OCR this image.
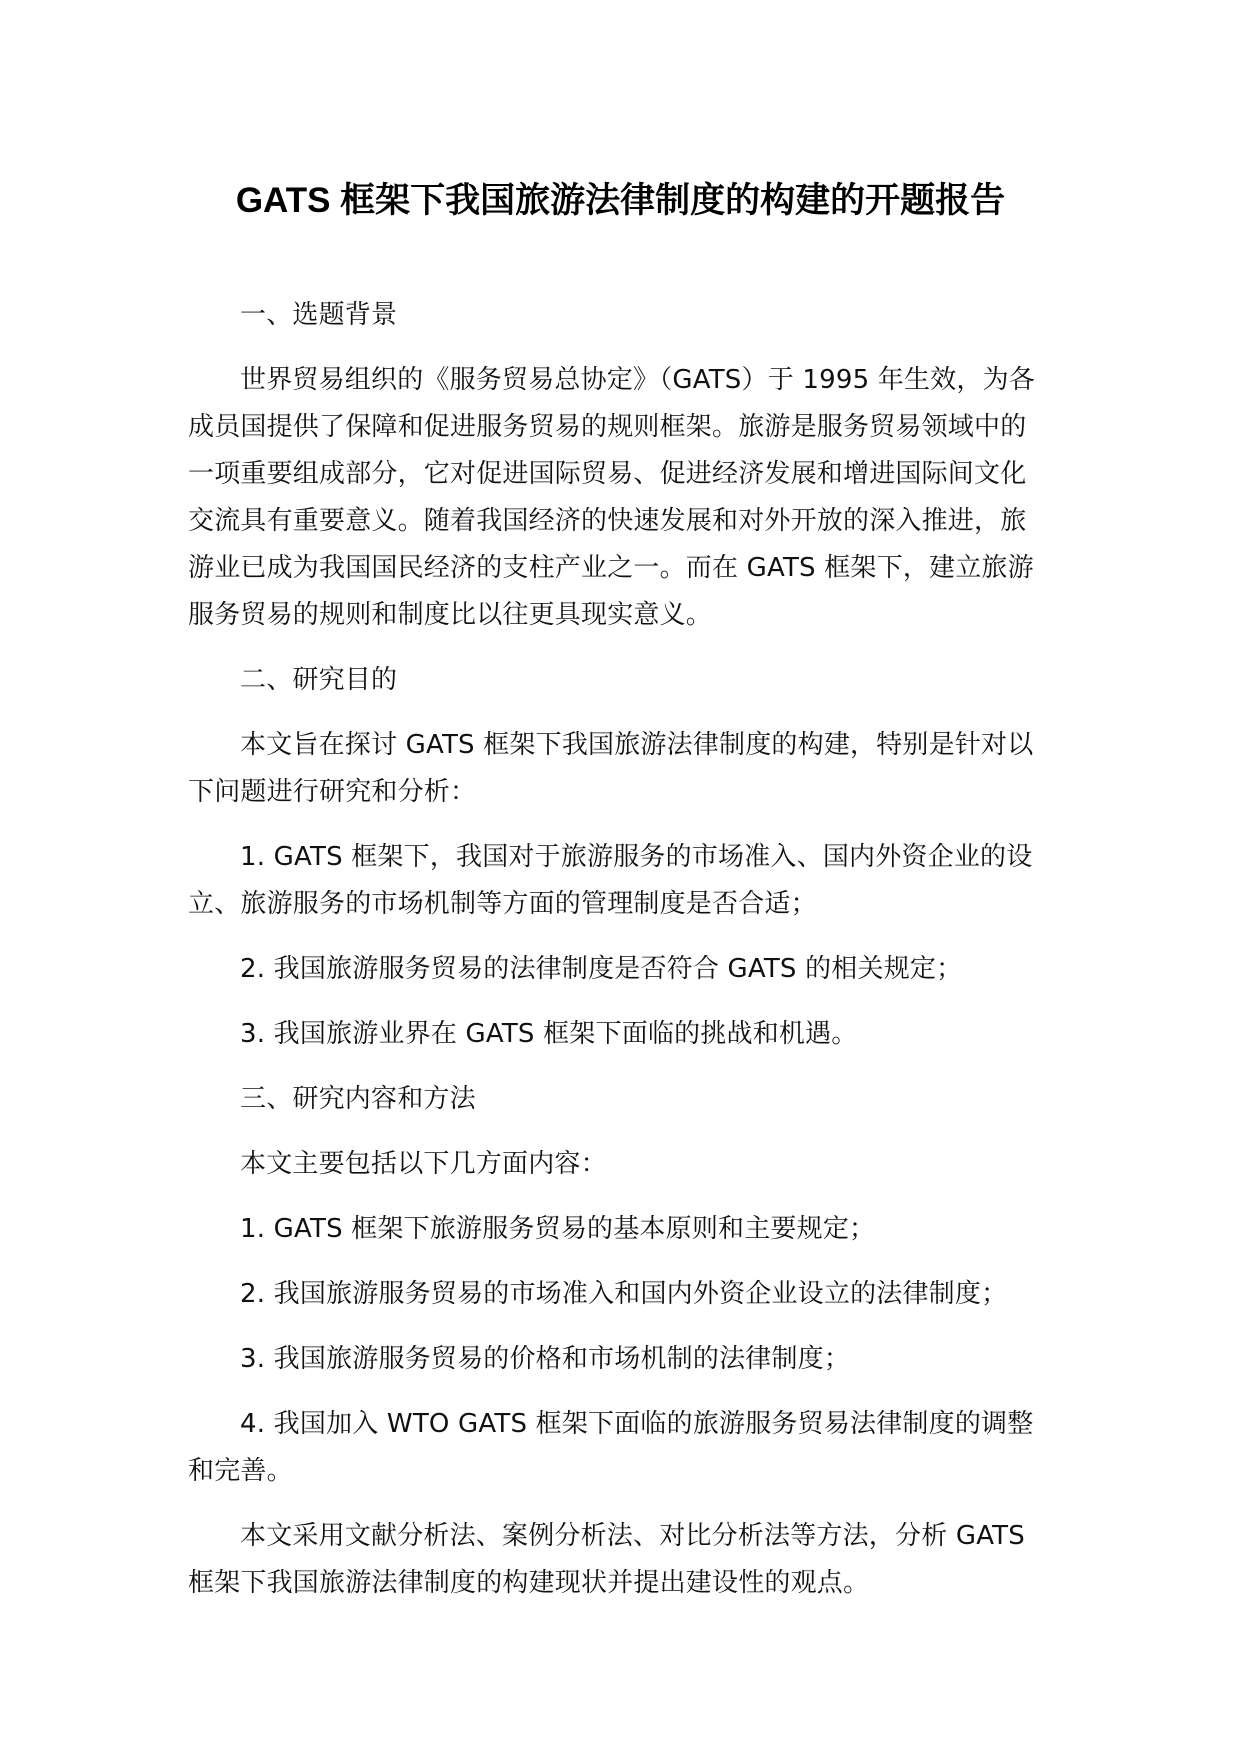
GATS 框架下我国旅游法律制度的构建的开题报告

一、选题背景

世界贸易组织的《服务贸易总协定》（GATS）于 1995 年生效，为各成员国提供了保障和促进服务贸易的规则框架。旅游是服务贸易领域中的一项重要组成部分，它对促进国际贸易、促进经济发展和增进国际间文化交流具有重要意义。随着我国经济的快速发展和对外开放的深入推进，旅游业已成为我国国民经济的支柱产业之一。而在 GATS 框架下，建立旅游服务贸易的规则和制度比以往更具现实意义。

二、研究目的

本文旨在探讨 GATS 框架下我国旅游法律制度的构建，特别是针对以下问题进行研究和分析：

1. GATS 框架下，我国对于旅游服务的市场准入、国内外资企业的设立、旅游服务的市场机制等方面的管理制度是否合适；

2. 我国旅游服务贸易的法律制度是否符合 GATS 的相关规定；

3. 我国旅游业界在 GATS 框架下面临的挑战和机遇。

三、研究内容和方法

本文主要包括以下几方面内容：

1. GATS 框架下旅游服务贸易的基本原则和主要规定；

2. 我国旅游服务贸易的市场准入和国内外资企业设立的法律制度；

3. 我国旅游服务贸易的价格和市场机制的法律制度；

4. 我国加入 WTO GATS 框架下面临的旅游服务贸易法律制度的调整和完善。

本文采用文献分析法、案例分析法、对比分析法等方法，分析 GATS 框架下我国旅游法律制度的构建现状并提出建设性的观点。
